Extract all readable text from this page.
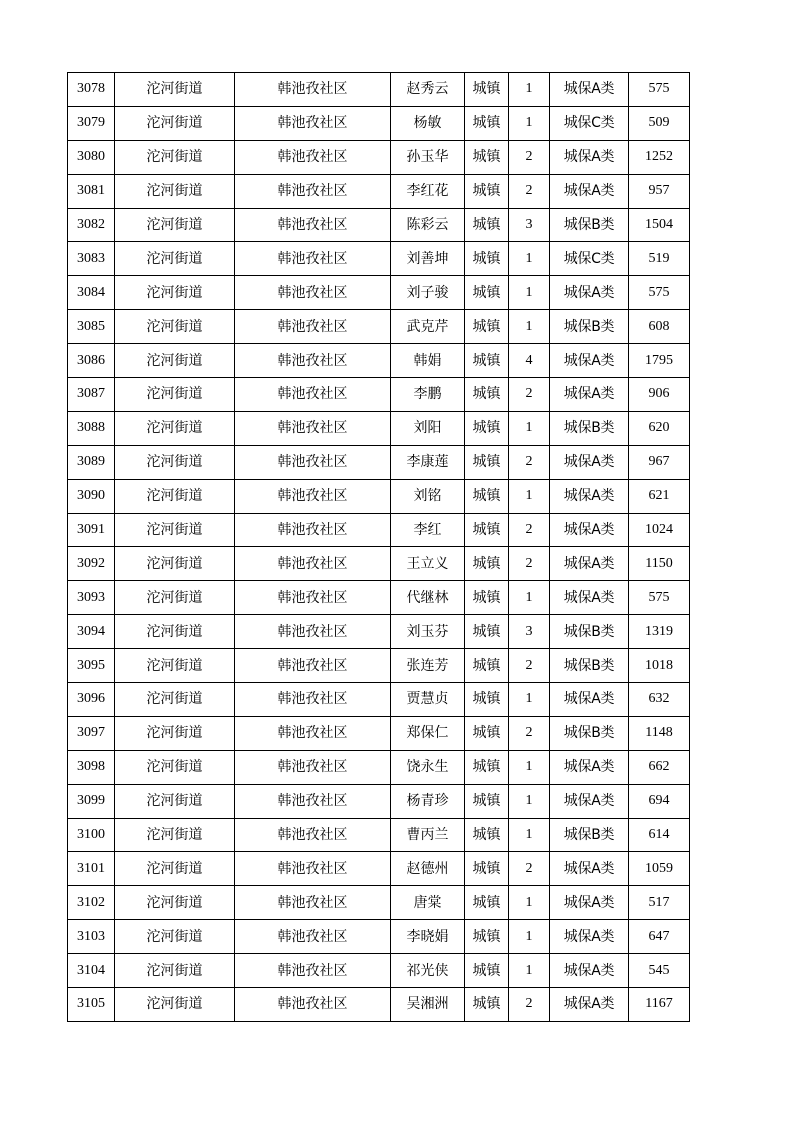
3078	沱河街道	韩池孜社区	赵秀云	城镇	1	城保A类	575
3079	沱河街道	韩池孜社区	杨敏	城镇	1	城保C类	509
3080	沱河街道	韩池孜社区	孙玉华	城镇	2	城保A类	1252
3081	沱河街道	韩池孜社区	李红花	城镇	2	城保A类	957
3082	沱河街道	韩池孜社区	陈彩云	城镇	3	城保B类	1504
3083	沱河街道	韩池孜社区	刘善坤	城镇	1	城保C类	519
3084	沱河街道	韩池孜社区	刘子骏	城镇	1	城保A类	575
3085	沱河街道	韩池孜社区	武克芹	城镇	1	城保B类	608
3086	沱河街道	韩池孜社区	韩娟	城镇	4	城保A类	1795
3087	沱河街道	韩池孜社区	李鹏	城镇	2	城保A类	906
3088	沱河街道	韩池孜社区	刘阳	城镇	1	城保B类	620
3089	沱河街道	韩池孜社区	李康莲	城镇	2	城保A类	967
3090	沱河街道	韩池孜社区	刘铭	城镇	1	城保A类	621
3091	沱河街道	韩池孜社区	李红	城镇	2	城保A类	1024
3092	沱河街道	韩池孜社区	王立义	城镇	2	城保A类	1150
3093	沱河街道	韩池孜社区	代继林	城镇	1	城保A类	575
3094	沱河街道	韩池孜社区	刘玉芬	城镇	3	城保B类	1319
3095	沱河街道	韩池孜社区	张连芳	城镇	2	城保B类	1018
3096	沱河街道	韩池孜社区	贾慧贞	城镇	1	城保A类	632
3097	沱河街道	韩池孜社区	郑保仁	城镇	2	城保B类	1148
3098	沱河街道	韩池孜社区	饶永生	城镇	1	城保A类	662
3099	沱河街道	韩池孜社区	杨青珍	城镇	1	城保A类	694
3100	沱河街道	韩池孜社区	曹丙兰	城镇	1	城保B类	614
3101	沱河街道	韩池孜社区	赵德州	城镇	2	城保A类	1059
3102	沱河街道	韩池孜社区	唐棠	城镇	1	城保A类	517
3103	沱河街道	韩池孜社区	李晓娟	城镇	1	城保A类	647
3104	沱河街道	韩池孜社区	祁光侠	城镇	1	城保A类	545
3105	沱河街道	韩池孜社区	吴湘洲	城镇	2	城保A类	1167
